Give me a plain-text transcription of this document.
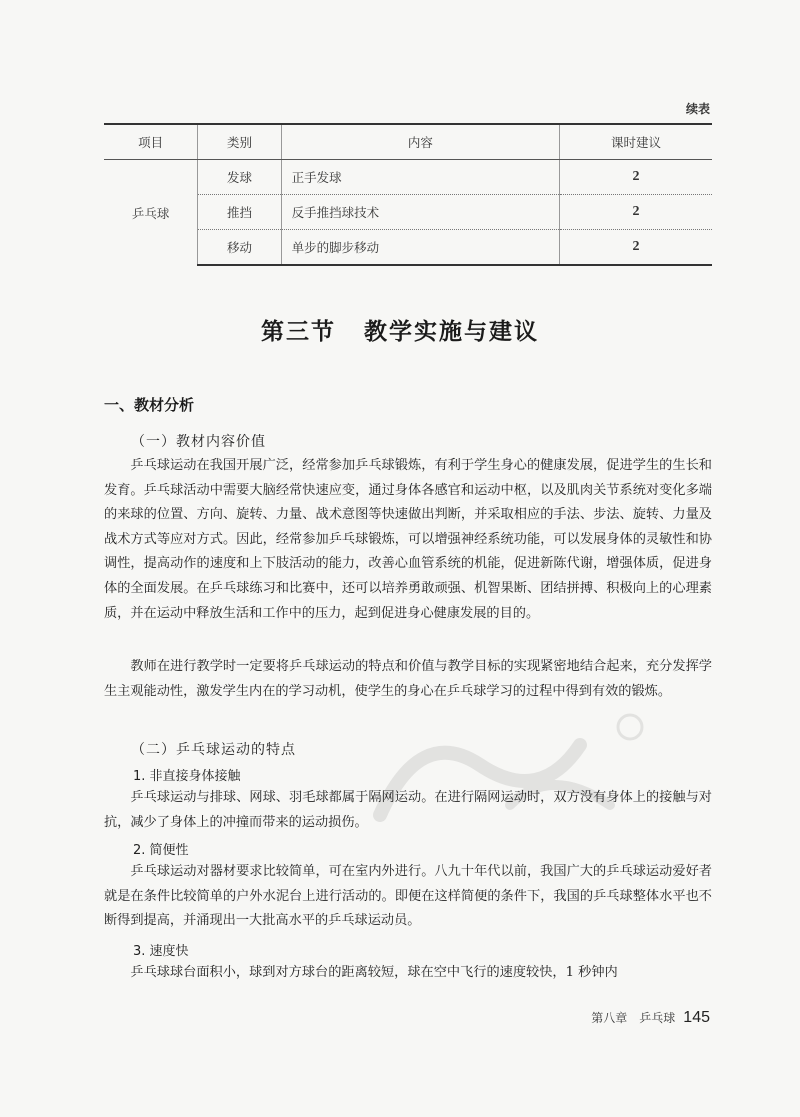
续表
项目	类别	内容	课时建议
乒乓球	发球	正手发球	2
	推挡	反手推挡球技术	2
	移动	单步的脚步移动	2
第三节 教学实施与建议
一、教材分析
（一）教材内容价值

乒乓球运动在我国开展广泛，经常参加乒乓球锻炼，有利于学生身心的健康发展，促进学生的生长和发育。乒乓球活动中需要大脑经常快速应变，通过身体各感官和运动中枢，以及肌肉关节系统对变化多端的来球的位置、方向、旋转、力量、战术意图等快速做出判断，并采取相应的手法、步法、旋转、力量及战术方式等应对方式。因此，经常参加乒乓球锻炼，可以增强神经系统功能，可以发展身体的灵敏性和协调性，提高动作的速度和上下肢活动的能力，改善心血管系统的机能，促进新陈代谢，增强体质，促进身体的全面发展。在乒乓球练习和比赛中，还可以培养勇敢顽强、机智果断、团结拼搏、积极向上的心理素质，并在运动中释放生活和工作中的压力，起到促进身心健康发展的目的。

教师在进行教学时一定要将乒乓球运动的特点和价值与教学目标的实现紧密地结合起来，充分发挥学生主观能动性，激发学生内在的学习动机，使学生的身心在乒乓球学习的过程中得到有效的锻炼。

（二）乒乓球运动的特点
1. 非直接身体接触

乒乓球运动与排球、网球、羽毛球都属于隔网运动。在进行隔网运动时，双方没有身体上的接触与对抗，减少了身体上的冲撞而带来的运动损伤。

2. 简便性

乒乓球运动对器材要求比较简单，可在室内外进行。八九十年代以前，我国广大的乒乓球运动爱好者就是在条件比较简单的户外水泥台上进行活动的。即便在这样简便的条件下，我国的乒乓球整体水平也不断得到提高，并涌现出一大批高水平的乒乓球运动员。

3. 速度快

乒乓球球台面积小，球到对方球台的距离较短，球在空中飞行的速度较快，1 秒钟内

第八章　乒乓球 145
